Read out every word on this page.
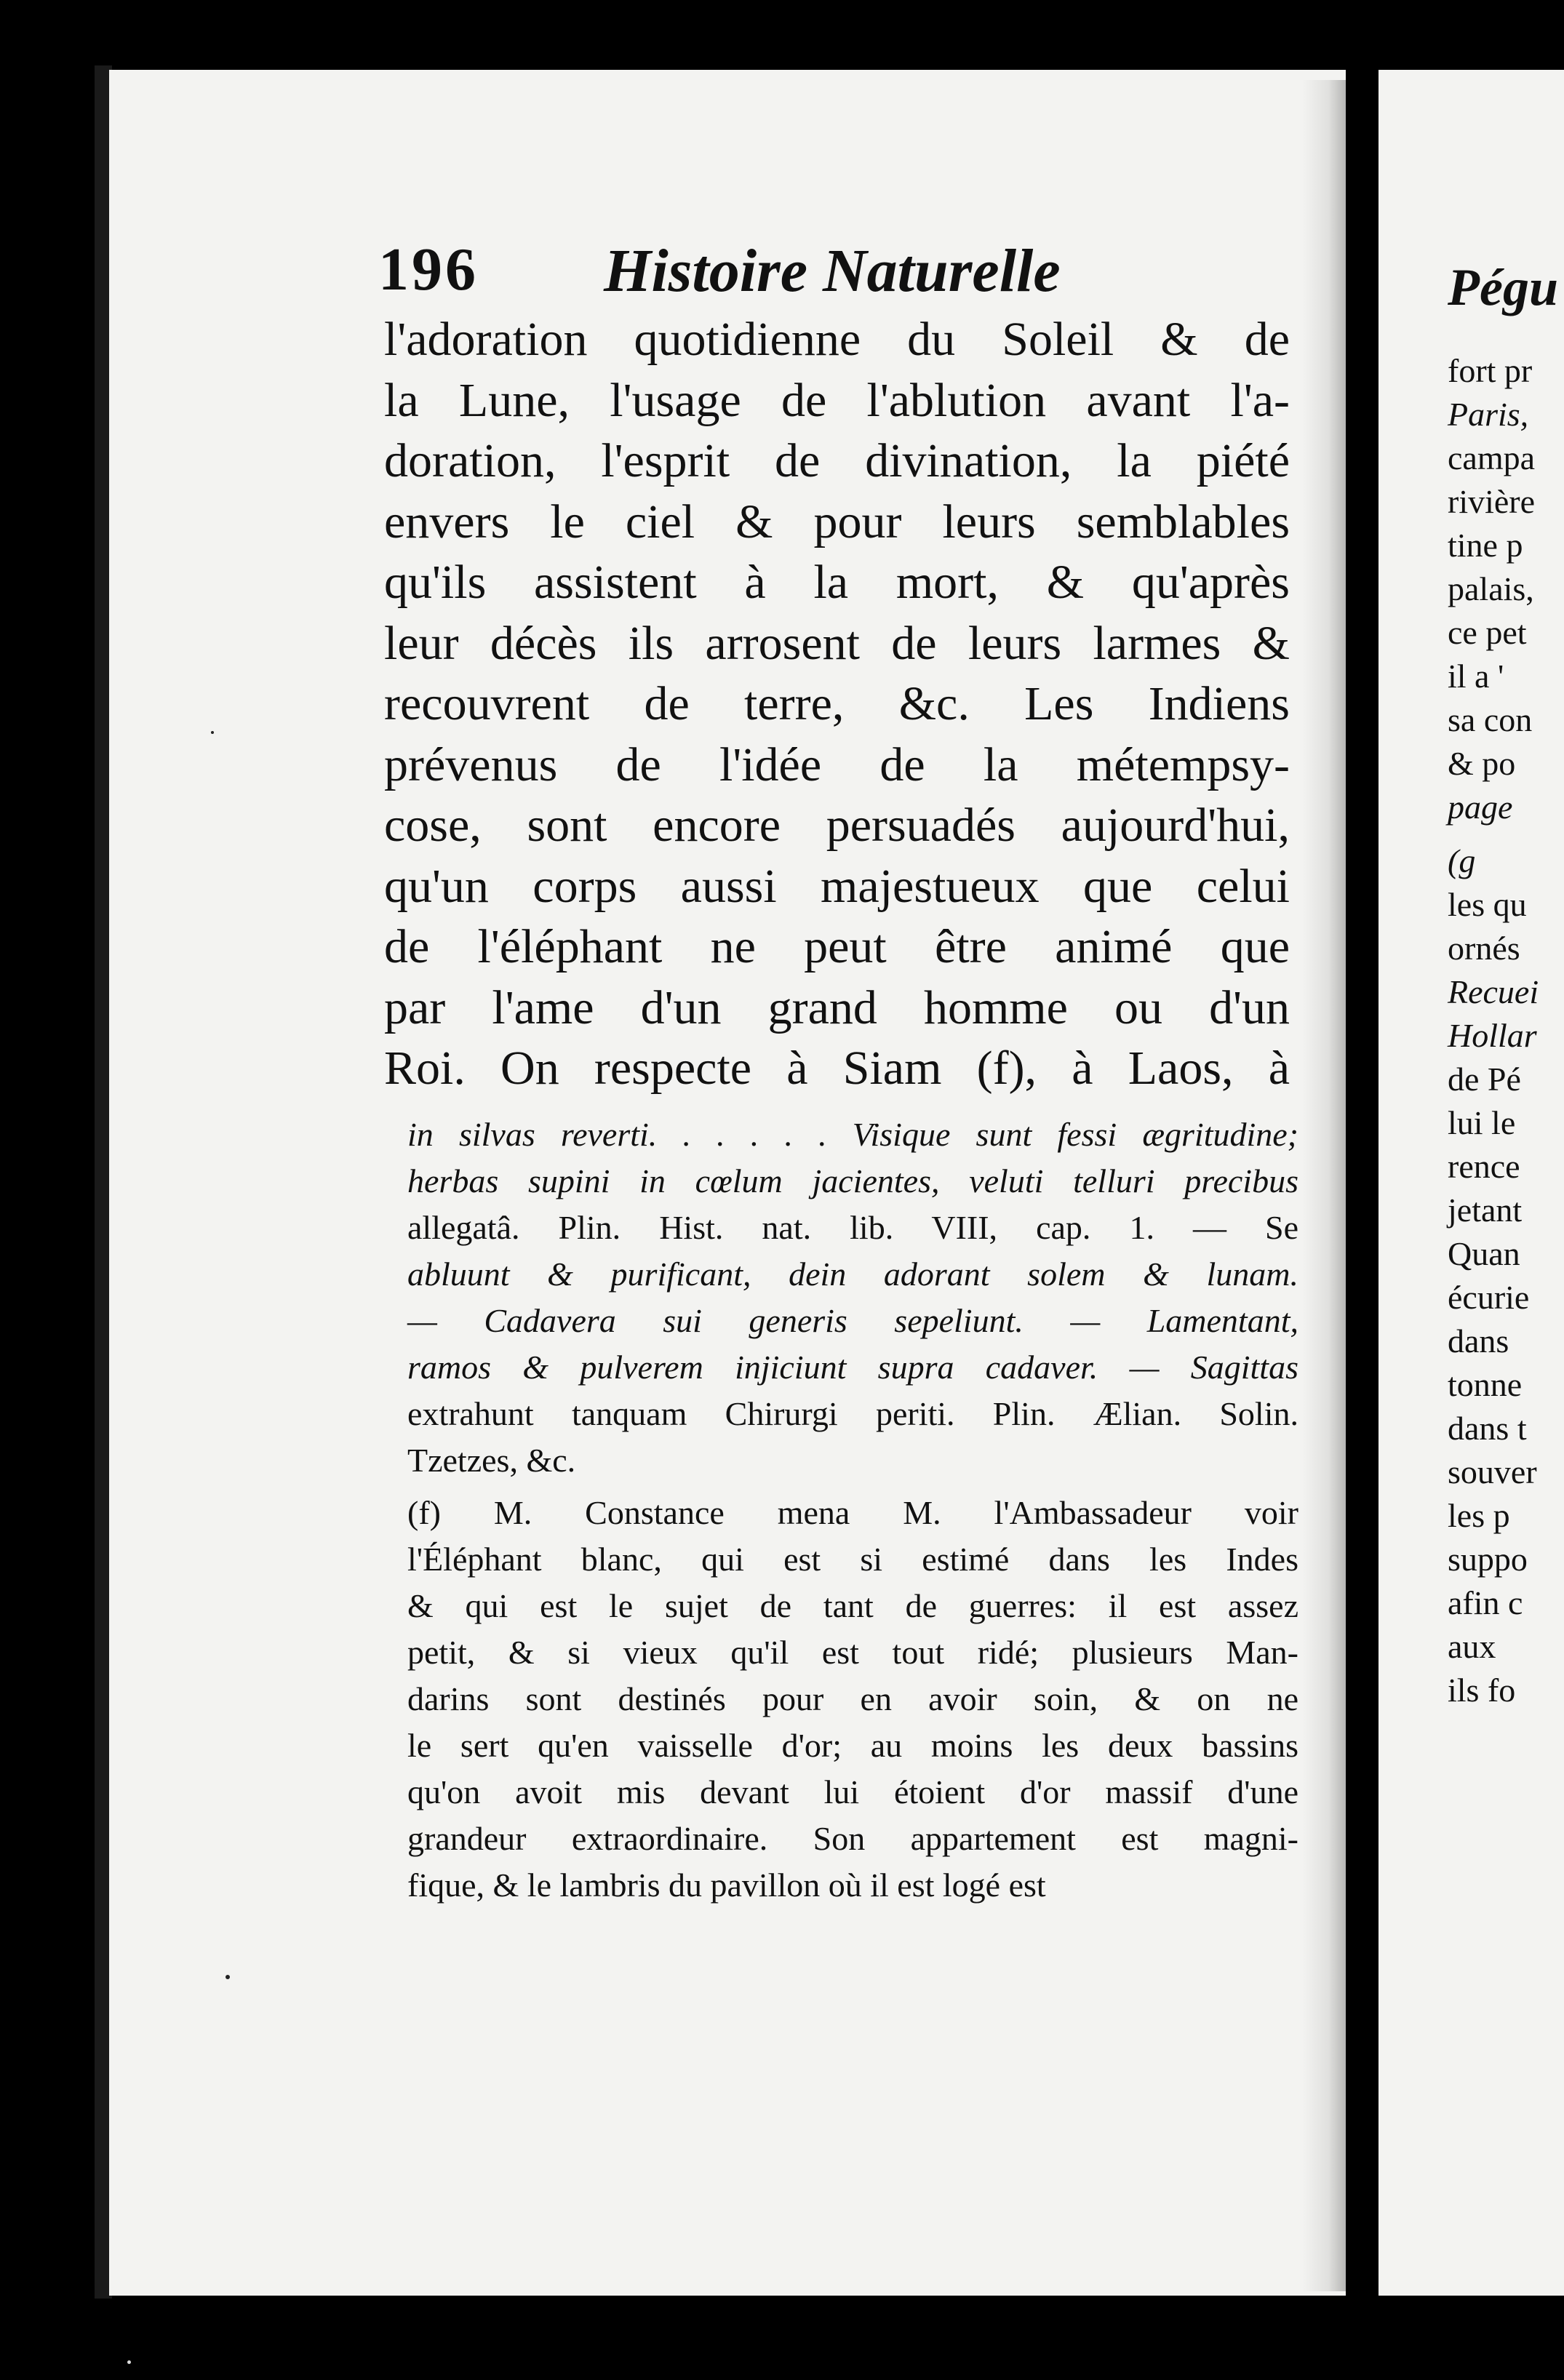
196 Histoire Naturelle
l'adoration quotidienne du Soleil & de
la Lune, l'usage de l'ablution avant l'a-
doration, l'esprit de divination, la piété
envers le ciel & pour leurs semblables
qu'ils assistent à la mort, & qu'après
leur décès ils arrosent de leurs larmes &
recouvrent de terre, &c. Les Indiens
prévenus de l'idée de la métempsy-
cose, sont encore persuadés aujourd'hui,
qu'un corps aussi majestueux que celui
de l'éléphant ne peut être animé que
par l'ame d'un grand homme ou d'un
Roi. On respecte à Siam (f), à Laos, à
in silvas reverti. . . . . . Visique sunt fessi ægritudine;
herbas supini in cœlum jacientes, veluti telluri precibus
allegatâ. Plin. Hist. nat. lib. VIII, cap. 1. — Se
abluunt & purificant, dein adorant solem & lunam.
— Cadavera sui generis sepeliunt. — Lamentant,
ramos & pulverem injiciunt supra cadaver. — Sagittas
extrahunt tanquam Chirurgi periti. Plin. Ælian. Solin.
Tzetzes, &c.
(f) M. Constance mena M. l'Ambassadeur voir
l'Éléphant blanc, qui est si estimé dans les Indes
& qui est le sujet de tant de guerres: il est assez
petit, & si vieux qu'il est tout ridé; plusieurs Man-
darins sont destinés pour en avoir soin, & on ne
le sert qu'en vaisselle d'or; au moins les deux bassins
qu'on avoit mis devant lui étoient d'or massif d'une
grandeur extraordinaire. Son appartement est magni-
fique, & le lambris du pavillon où il est logé est
Pégu
fort pr
Paris,
campa
rivière
tine p
palais,
ce pet
il a '
sa con
& po
page
(g
les qu
ornés
Recuei
Hollar
de Pé
lui le
rence
jetant
Quan
écurie
dans
tonne
dans t
souver
les p
suppo
afin c
aux
ils fo
